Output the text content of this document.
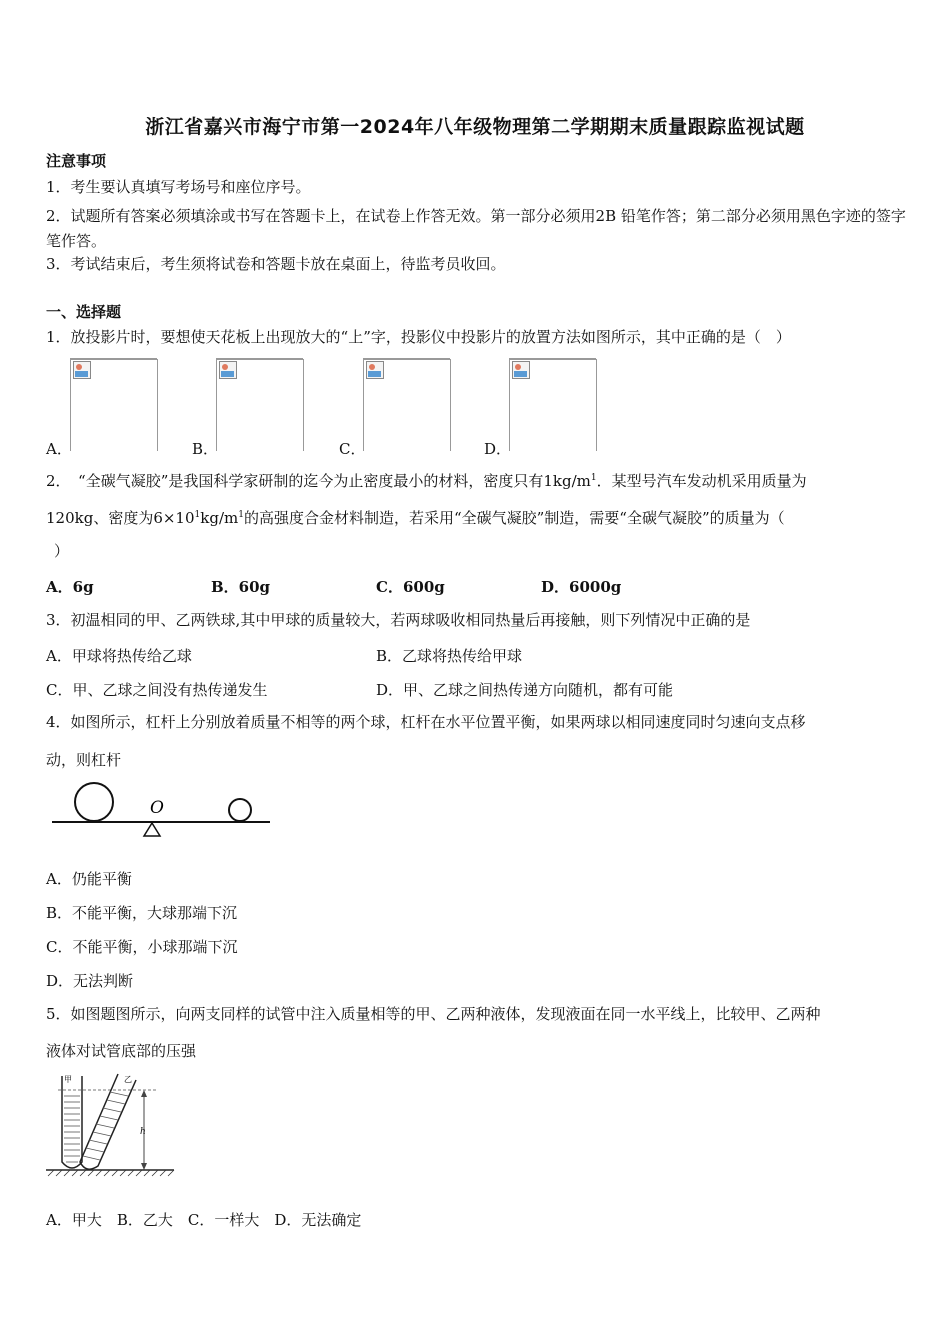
浙江省嘉兴市海宁市第一2024年八年级物理第二学期期末质量跟踪监视试题
注意事项
1．考生要认真填写考场号和座位序号。
2．试题所有答案必须填涂或书写在答题卡上，在试卷上作答无效。第一部分必须用2B 铅笔作答；第二部分必须用黑色字迹的签字笔作答。
3．考试结束后，考生须将试卷和答题卡放在桌面上，待监考员收回。
一、选择题
1．放投影片时，要想使天花板上出现放大的“上”字，投影仪中投影片的放置方法如图所示，其中正确的是（　）
A．	B．	C．	D．
2．　“全碳气凝胶”是我国科学家研制的迄今为止密度最小的材料，密度只有$1kg/m^1$．某型号汽车发动机采用质量为
120kg、密度为$6\times 10^1kg/m^1$的高强度合金材料制造，若采用“全碳气凝胶”制造，需要“全碳气凝胶”的质量为（
）
A．6g	B．60g	C．600g	D．6000g
3．初温相同的甲、乙两铁球,其中甲球的质量较大，若两球吸收相同热量后再接触，则下列情况中正确的是
A．甲球将热传给乙球	B．乙球将热传给甲球
C．甲、乙球之间没有热传递发生	D．甲、乙球之间热传递方向随机，都有可能
4．如图所示，杠杆上分别放着质量不相等的两个球，杠杆在水平位置平衡，如果两球以相同速度同时匀速向支点移
动，则杠杆
O
A．仍能平衡
B．不能平衡，大球那端下沉
C．不能平衡，小球那端下沉
D．无法判断
5．如图题图所示，向两支同样的试管中注入质量相等的甲、乙两种液体，发现液面在同一水平线上，比较甲、乙两种
液体对试管底部的压强
h
甲	乙
A．甲大　B．乙大　C．一样大　D．无法确定
